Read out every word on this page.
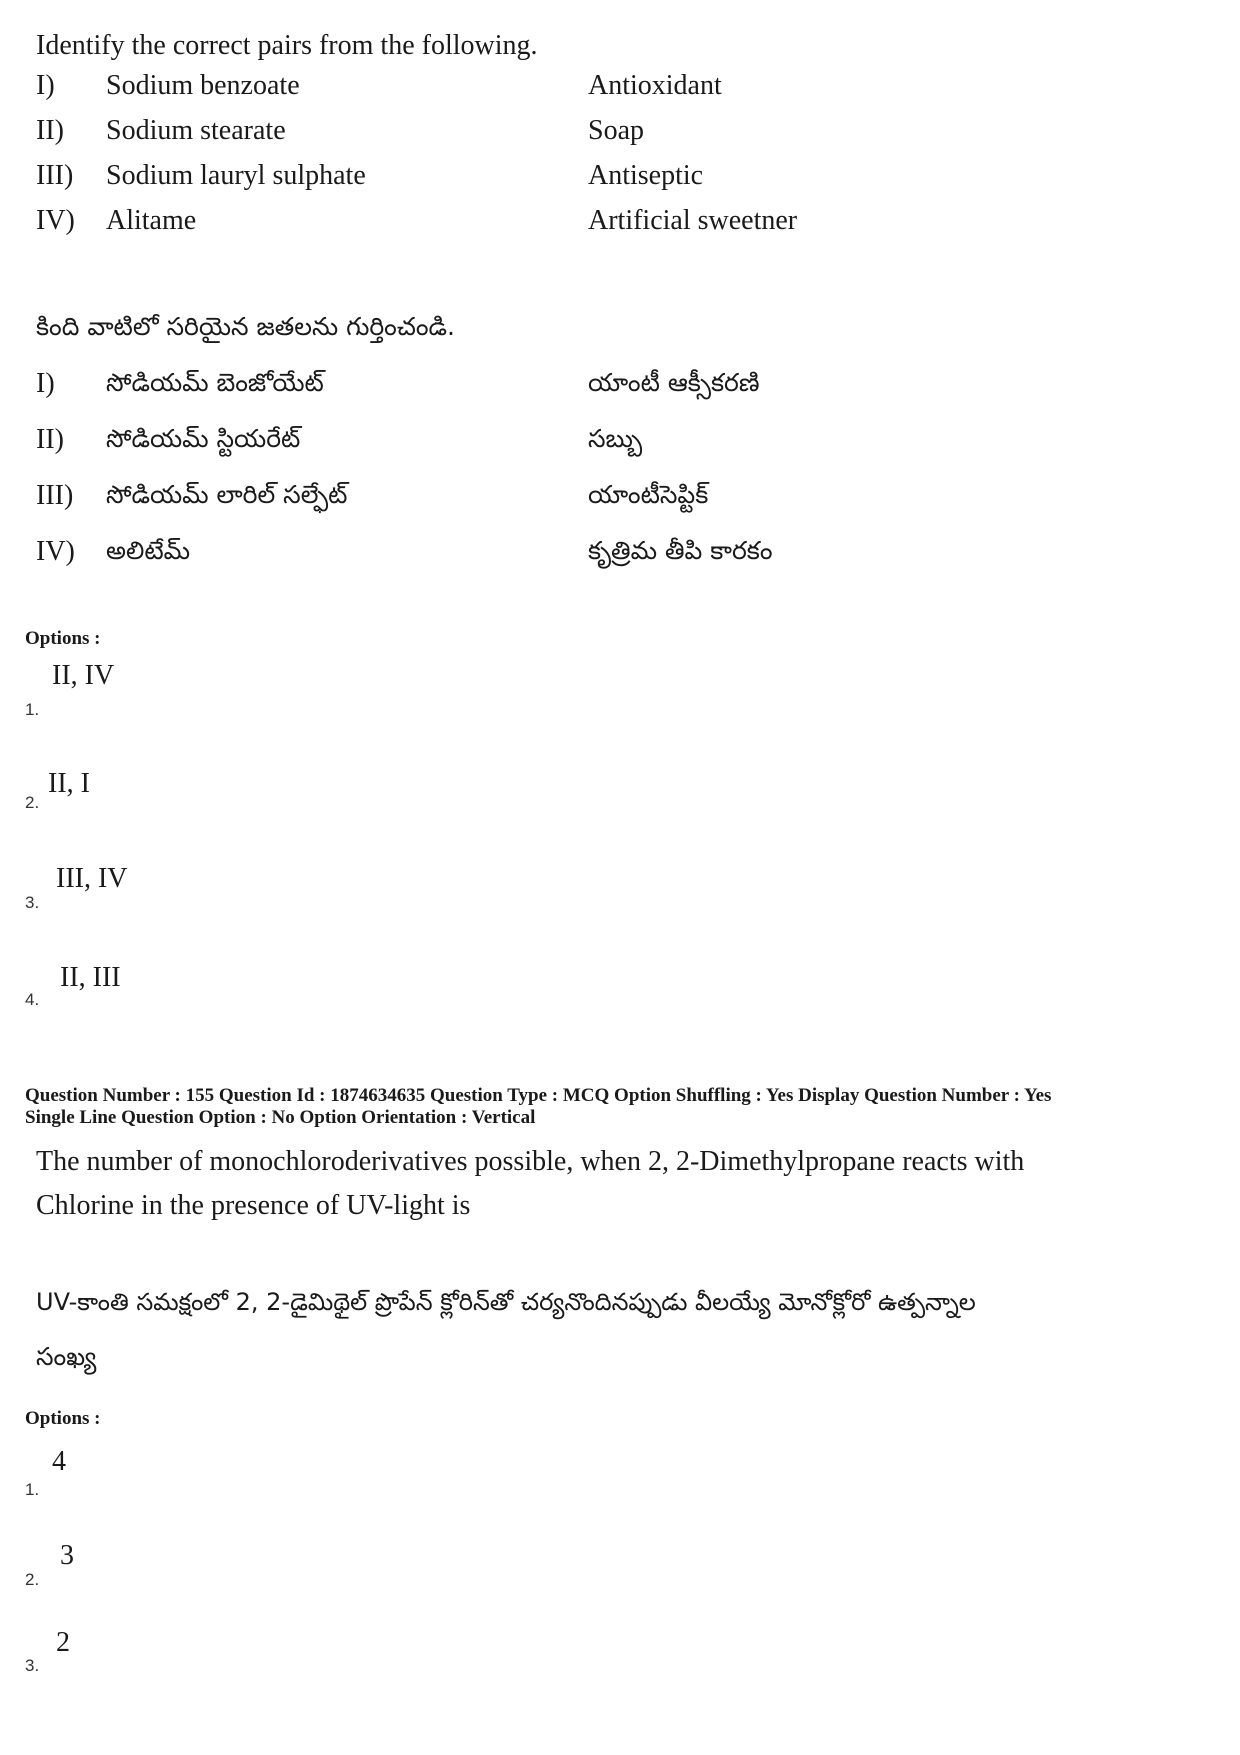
Identify the correct pairs from the following.
I) Sodium benzoate	Antioxidant
II) Sodium stearate	Soap
III) Sodium lauryl sulphate	Antiseptic
IV) Alitame	Artificial sweetner
కింది వాటిలో సరియైన జతలను గుర్తించండి.
I) సోడియమ్ బెంజోయేట్	యాంటీ ఆక్సీకరణి
II) సోడియమ్ స్టియరేట్	సబ్బు
III) సోడియమ్ లారిల్ సల్ఫేట్	యాంటీసెప్టిక్
IV) అలిటేమ్	కృత్రిమ తీపి కారకం
Options :
1.
II, IV
2.
II, I
3.
III, IV
4.
II, III
Question Number : 155 Question Id : 1874634635 Question Type : MCQ Option Shuffling : Yes Display Question Number : Yes
Single Line Question Option : No Option Orientation : Vertical
The number of monochloroderivatives possible, when 2, 2-Dimethylpropane reacts with
Chlorine in the presence of UV-light is
UV-కాంతి సమక్షంలో 2, 2-డైమిథైల్ ప్రొపేన్ క్లోరిన్‌తో చర్యనొందినప్పుడు వీలయ్యే మోనోక్లోరో ఉత్పన్నాల
సంఖ్య
Options :
1.
4
2.
3
3.
2
